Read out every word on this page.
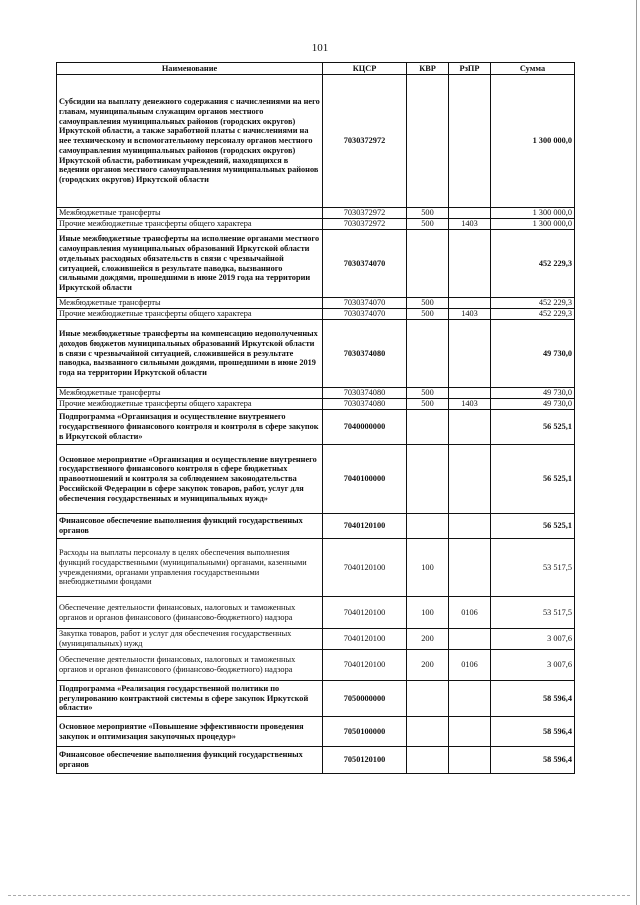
101
Наименование	КЦСР	КВР	РзПР	Сумма
Субсидии на выплату денежного содержания с начислениями на него главам, муниципальным служащим органов местного самоуправления муниципальных районов (городских округов) Иркутской области, а также заработной платы с начислениями на нее техническому и вспомогательному персоналу органов местного самоуправления муниципальных районов (городских округов) Иркутской области, работникам учреждений, находящихся в ведении органов местного самоуправления муниципальных районов (городских округов) Иркутской области	7030372972			1 300 000,0
Межбюджетные трансферты	7030372972	500		1 300 000,0
Прочие межбюджетные трансферты общего характера	7030372972	500	1403	1 300 000,0
Иные межбюджетные трансферты на исполнение органами местного самоуправления муниципальных образований Иркутской области отдельных расходных обязательств в связи с чрезвычайной ситуацией, сложившейся в результате паводка, вызванного сильными дождями, прошедшими в июне 2019 года на территории Иркутской области	7030374070			452 229,3
Межбюджетные трансферты	7030374070	500		452 229,3
Прочие межбюджетные трансферты общего характера	7030374070	500	1403	452 229,3
Иные межбюджетные трансферты на компенсацию недополученных доходов бюджетов муниципальных образований Иркутской области в связи с чрезвычайной ситуацией, сложившейся в результате паводка, вызванного сильными дождями, прошедшими в июне 2019 года на территории Иркутской области	7030374080			49 730,0
Межбюджетные трансферты	7030374080	500		49 730,0
Прочие межбюджетные трансферты общего характера	7030374080	500	1403	49 730,0
Подпрограмма «Организация и осуществление внутреннего государственного финансового контроля и контроля в сфере закупок в Иркутской области»	7040000000			56 525,1
Основное мероприятие «Организация и осуществление внутреннего государственного финансового контроля в сфере бюджетных правоотношений и контроля за соблюдением законодательства Российской Федерации в сфере закупок товаров, работ, услуг для обеспечения государственных и муниципальных нужд»	7040100000			56 525,1
Финансовое обеспечение выполнения функций государственных органов	7040120100			56 525,1
Расходы на выплаты персоналу в целях обеспечения выполнения функций государственными (муниципальными) органами, казенными учреждениями, органами управления государственными внебюджетными фондами	7040120100	100		53 517,5
Обеспечение деятельности финансовых, налоговых и таможенных органов и органов финансового (финансово-бюджетного) надзора	7040120100	100	0106	53 517,5
Закупка товаров, работ и услуг для обеспечения государственных (муниципальных) нужд	7040120100	200		3 007,6
Обеспечение деятельности финансовых, налоговых и таможенных органов и органов финансового (финансово-бюджетного) надзора	7040120100	200	0106	3 007,6
Подпрограмма «Реализация государственной политики по регулированию контрактной системы в сфере закупок Иркутской области»	7050000000			58 596,4
Основное мероприятие «Повышение эффективности проведения закупок и оптимизация закупочных процедур»	7050100000			58 596,4
Финансовое обеспечение выполнения функций государственных органов	7050120100			58 596,4
